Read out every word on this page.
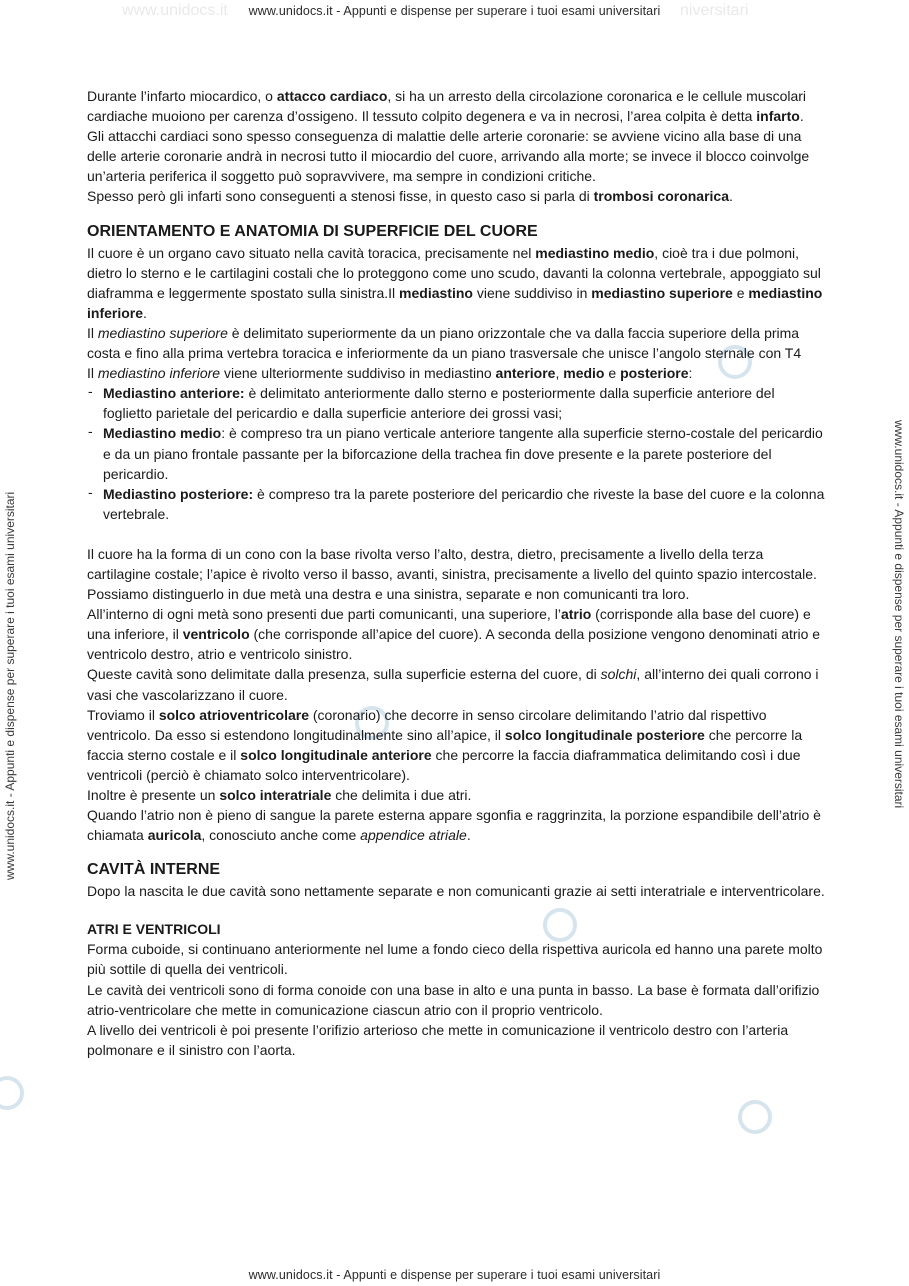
www.unidocs.it	niversitari
www.unidocs.it - Appunti e dispense per superare i tuoi esami universitari
www.unidocs.it - Appunti e dispense per superare i tuoi esami universitari
www.unidocs.it - Appunti e dispense per superare i tuoi esami universitari	www.unidocs.it - Appunti e dispense per superare i tuoi esami universitari

Durante l’infarto miocardico, o attacco cardiaco, si ha un arresto della circolazione coronarica e le cellule muscolari cardiache muoiono per carenza d’ossigeno. Il tessuto colpito degenera e va in necrosi, l’area colpita è detta infarto.

Gli attacchi cardiaci sono spesso conseguenza di malattie delle arterie coronarie: se avviene vicino alla base di una delle arterie coronarie andrà in necrosi tutto il miocardio del cuore, arrivando alla morte; se invece il blocco coinvolge un’arteria periferica il soggetto può sopravvivere, ma sempre in condizioni critiche.

Spesso però gli infarti sono conseguenti a stenosi fisse, in questo caso si parla di trombosi coronarica.

ORIENTAMENTO E ANATOMIA DI SUPERFICIE DEL CUORE

Il cuore è un organo cavo situato nella cavità toracica, precisamente nel mediastino medio, cioè tra i due polmoni, dietro lo sterno e le cartilagini costali che lo proteggono come uno scudo, davanti la colonna vertebrale, appoggiato sul diaframma e leggermente spostato sulla sinistra.Il mediastino viene suddiviso in mediastino superiore e mediastino inferiore.

Il mediastino superiore è delimitato superiormente da un piano orizzontale che va dalla faccia superiore della prima costa e fino alla prima vertebra toracica e inferiormente da un piano trasversale che unisce l’angolo sternale con T4

Il mediastino inferiore viene ulteriormente suddiviso in mediastino anteriore, medio e posteriore:

- Mediastino anteriore: è delimitato anteriormente dallo sterno e posteriormente dalla superficie anteriore del foglietto parietale del pericardio e dalla superficie anteriore dei grossi vasi;
- Mediastino medio: è compreso tra un piano verticale anteriore tangente alla superficie sterno-costale del pericardio e da un piano frontale passante per la biforcazione della trachea fin dove presente e la parete posteriore del pericardio.
- Mediastino posteriore: è compreso tra la parete posteriore del pericardio che riveste la base del cuore e la colonna vertebrale.

Il cuore ha la forma di un cono con la base rivolta verso l’alto, destra, dietro, precisamente a livello della terza cartilagine costale; l’apice è rivolto verso il basso, avanti, sinistra, precisamente a livello del quinto spazio intercostale.

Possiamo distinguerlo in due metà una destra e una sinistra, separate e non comunicanti tra loro.

All’interno di ogni metà sono presenti due parti comunicanti, una superiore, l’atrio (corrisponde alla base del cuore) e una inferiore, il ventricolo (che corrisponde all’apice del cuore). A seconda della posizione vengono denominati atrio e ventricolo destro, atrio e ventricolo sinistro.

Queste cavità sono delimitate dalla presenza, sulla superficie esterna del cuore, di solchi, all’interno dei quali corrono i vasi che vascolarizzano il cuore.

Troviamo il solco atrioventricolare (coronario) che decorre in senso circolare delimitando l’atrio dal rispettivo ventricolo. Da esso si estendono longitudinalmente sino all’apice, il solco longitudinale posteriore che percorre la faccia sterno costale e il solco longitudinale anteriore che percorre la faccia diaframmatica delimitando così i due ventricoli (perciò è chiamato solco interventricolare).

Inoltre è presente un solco interatriale che delimita i due atri.

Quando l’atrio non è pieno di sangue la parete esterna appare sgonfia e raggrinzita, la porzione espandibile dell’atrio è chiamata auricola, conosciuto anche come appendice atriale.

CAVITÀ INTERNE

Dopo la nascita le due cavità sono nettamente separate e non comunicanti grazie ai setti interatriale e interventricolare.

ATRI E VENTRICOLI

Forma cuboide, si continuano anteriormente nel lume a fondo cieco della rispettiva auricola ed hanno una parete molto più sottile di quella dei ventricoli.

Le cavità dei ventricoli sono di forma conoide con una base in alto e una punta in basso. La base è formata dall’orifizio atrio-ventricolare che mette in comunicazione ciascun atrio con il proprio ventricolo.

A livello dei ventricoli è poi presente l’orifizio arterioso che mette in comunicazione il ventricolo destro con l’arteria polmonare e il sinistro con l’aorta.
